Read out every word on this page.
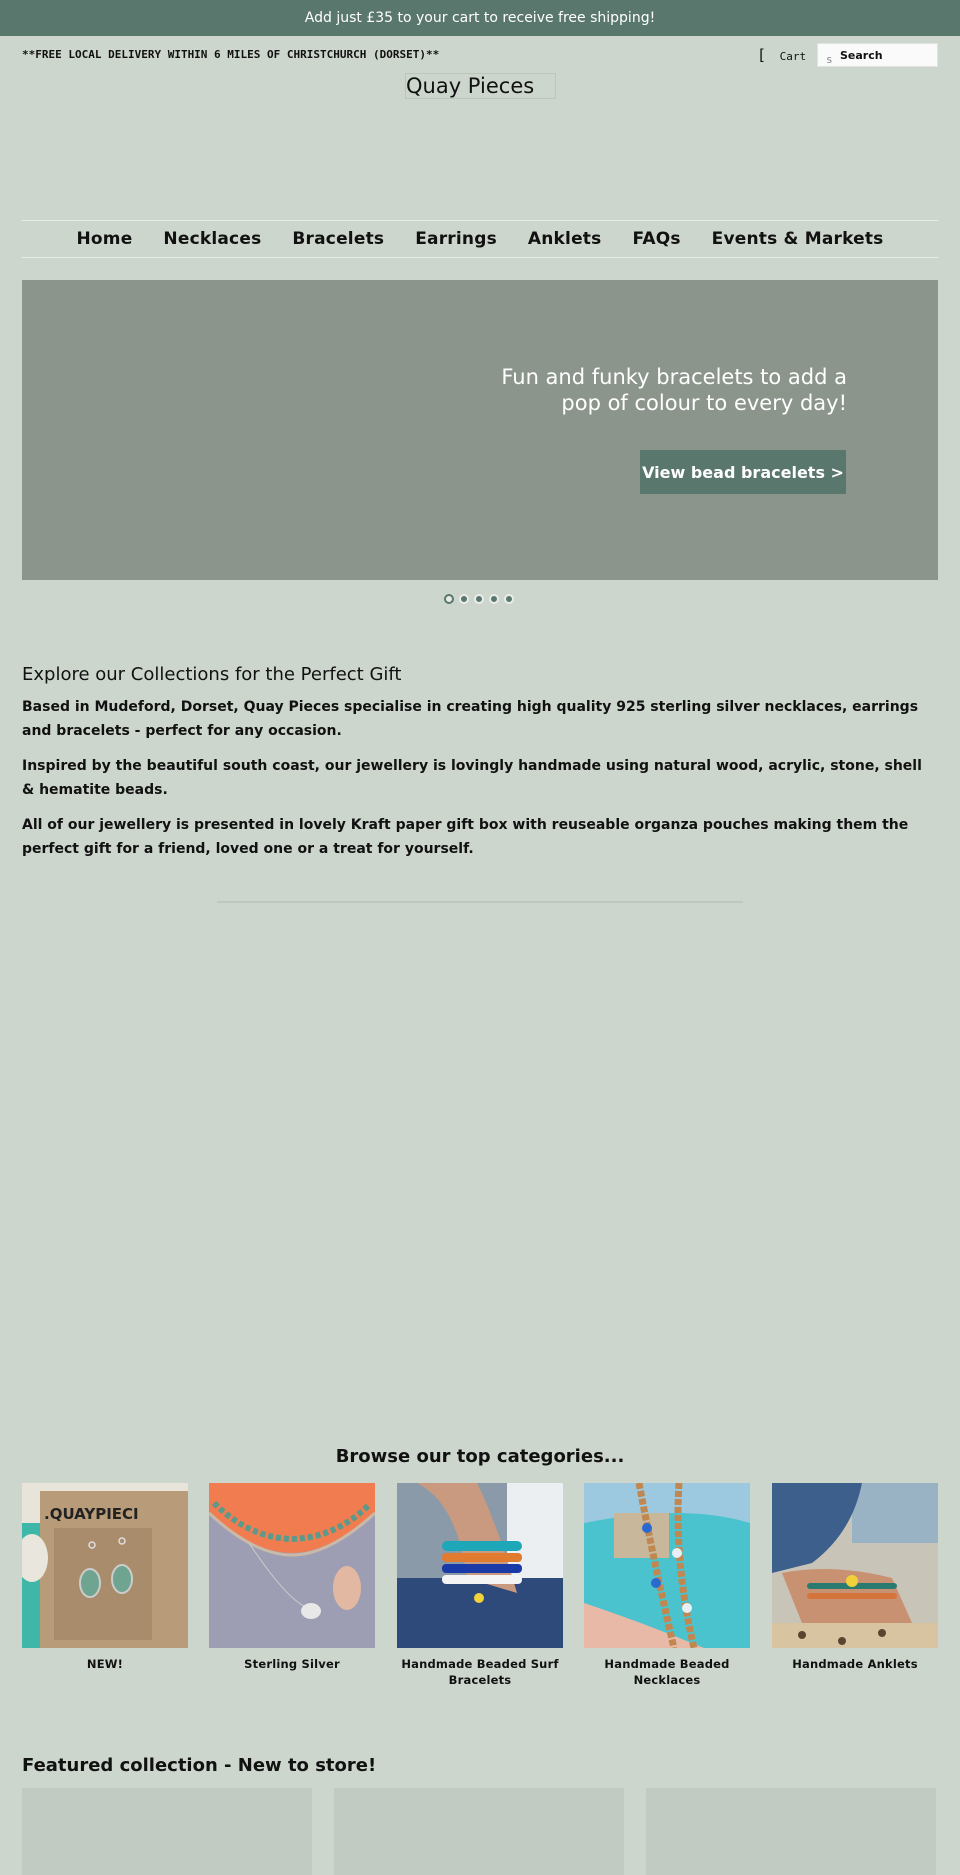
Add just £35 to your cart to receive free shipping!
**FREE LOCAL DELIVERY WITHIN 6 MILES OF CHRISTCHURCH (DORSET)**	[ Cart	s
Search
Quay Pieces
Home Necklaces Bracelets Earrings Anklets FAQs Events & Markets
Fun and funky bracelets to add a
pop of colour to every day!
View bead bracelets >
Explore our Collections for the Perfect Gift

Based in Mudeford, Dorset, Quay Pieces specialise in creating high quality 925 sterling silver necklaces, earrings and bracelets - perfect for any occasion.

Inspired by the beautiful south coast, our jewellery is lovingly handmade using natural wood, acrylic, stone, shell & hematite beads.

All of our jewellery is presented in lovely Kraft paper gift box with reuseable organza pouches making them the perfect gift for a friend, loved one or a treat for yourself.

Browse our top categories...
.QUAYPIECI
NEW!	Sterling Silver	Handmade Beaded Surf Bracelets
Handmade Beaded Necklaces
Handmade Anklets
Featured collection - New to store!
